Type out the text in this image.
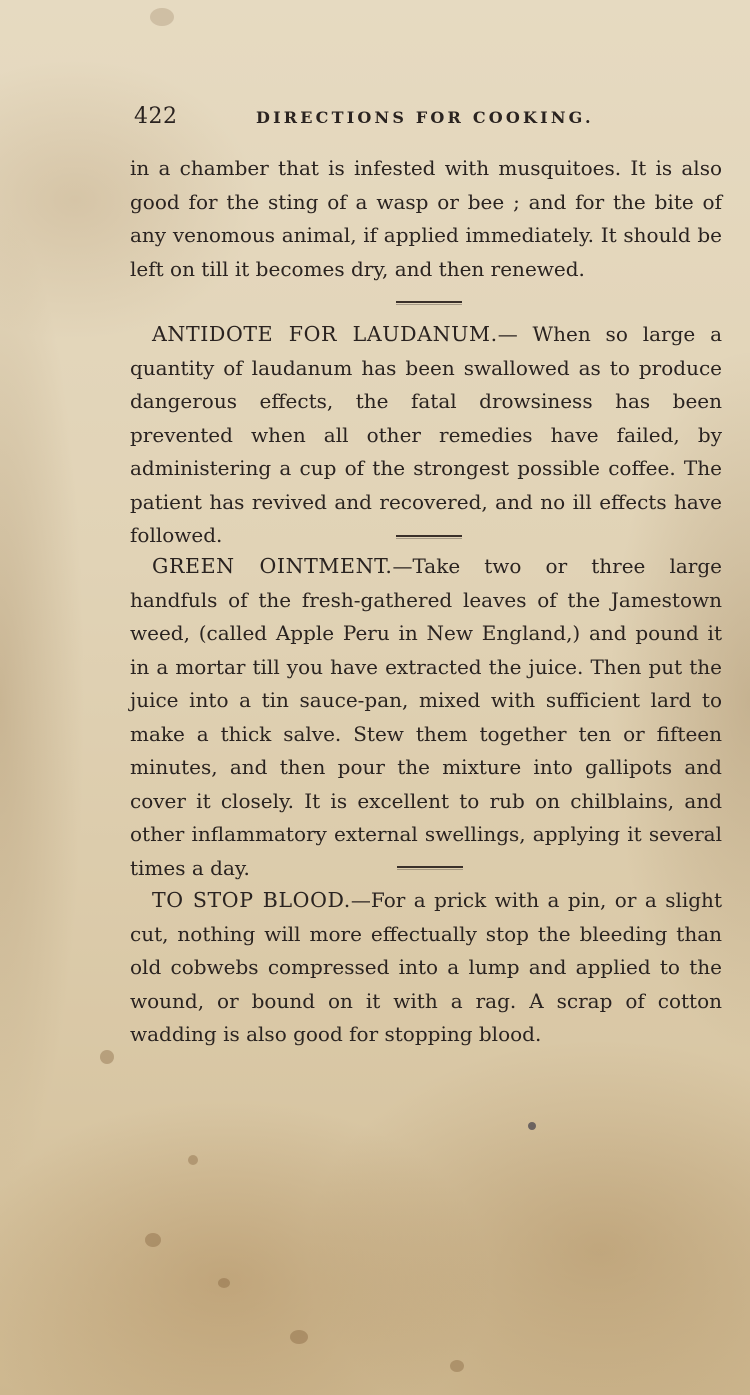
422	DIRECTIONS FOR COOKING.

in a chamber that is infested with musquitoes. It is also good for the sting of a wasp or bee ; and for the bite of any venomous animal, if applied immediately. It should be left on till it becomes dry, and then renewed.

ANTIDOTE FOR LAUDANUM.— When so large a quantity of laudanum has been swallowed as to produce dangerous effects, the fatal drowsiness has been prevented when all other remedies have failed, by administering a cup of the strongest possible coffee. The patient has revived and recovered, and no ill effects have followed.

GREEN OINTMENT.—Take two or three large handfuls of the fresh-gathered leaves of the Jamestown weed, (called Apple Peru in New England,) and pound it in a mortar till you have extracted the juice. Then put the juice into a tin sauce-pan, mixed with sufficient lard to make a thick salve. Stew them together ten or fifteen minutes, and then pour the mixture into gallipots and cover it closely. It is excellent to rub on chilblains, and other inflammatory external swellings, applying it several times a day.

TO STOP BLOOD.—For a prick with a pin, or a slight cut, nothing will more effectually stop the bleeding than old cobwebs compressed into a lump and applied to the wound, or bound on it with a rag. A scrap of cotton wadding is also good for stopping blood.
